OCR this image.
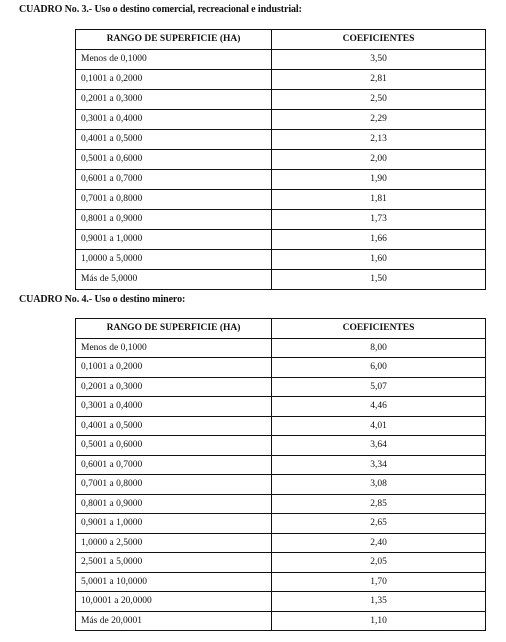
CUADRO No. 3.- Uso o destino comercial, recreacional e industrial:
RANGO DE SUPERFICIE (HA)	COEFICIENTES
Menos de 0,1000	3,50
0,1001 a 0,2000	2,81
0,2001 a 0,3000	2,50
0,3001 a 0,4000	2,29
0,4001 a 0,5000	2,13
0,5001 a 0,6000	2,00
0,6001 a 0,7000	1,90
0,7001 a 0,8000	1,81
0,8001 a 0,9000	1,73
0,9001 a 1,0000	1,66
1,0000 a 5,0000	1,60
Más de 5,0000	1,50
CUADRO No. 4.- Uso o destino minero:
RANGO DE SUPERFICIE (HA)	COEFICIENTES
Menos de 0,1000	8,00
0,1001 a 0,2000	6,00
0,2001 a 0,3000	5,07
0,3001 a 0,4000	4,46
0,4001 a 0,5000	4,01
0,5001 a 0,6000	3,64
0,6001 a 0,7000	3,34
0,7001 a 0,8000	3,08
0,8001 a 0,9000	2,85
0,9001 a 1,0000	2,65
1,0000 a 2,5000	2,40
2,5001 a 5,0000	2,05
5,0001 a 10,0000	1,70
10,0001 a 20,0000	1,35
Más de 20,0001	1,10
